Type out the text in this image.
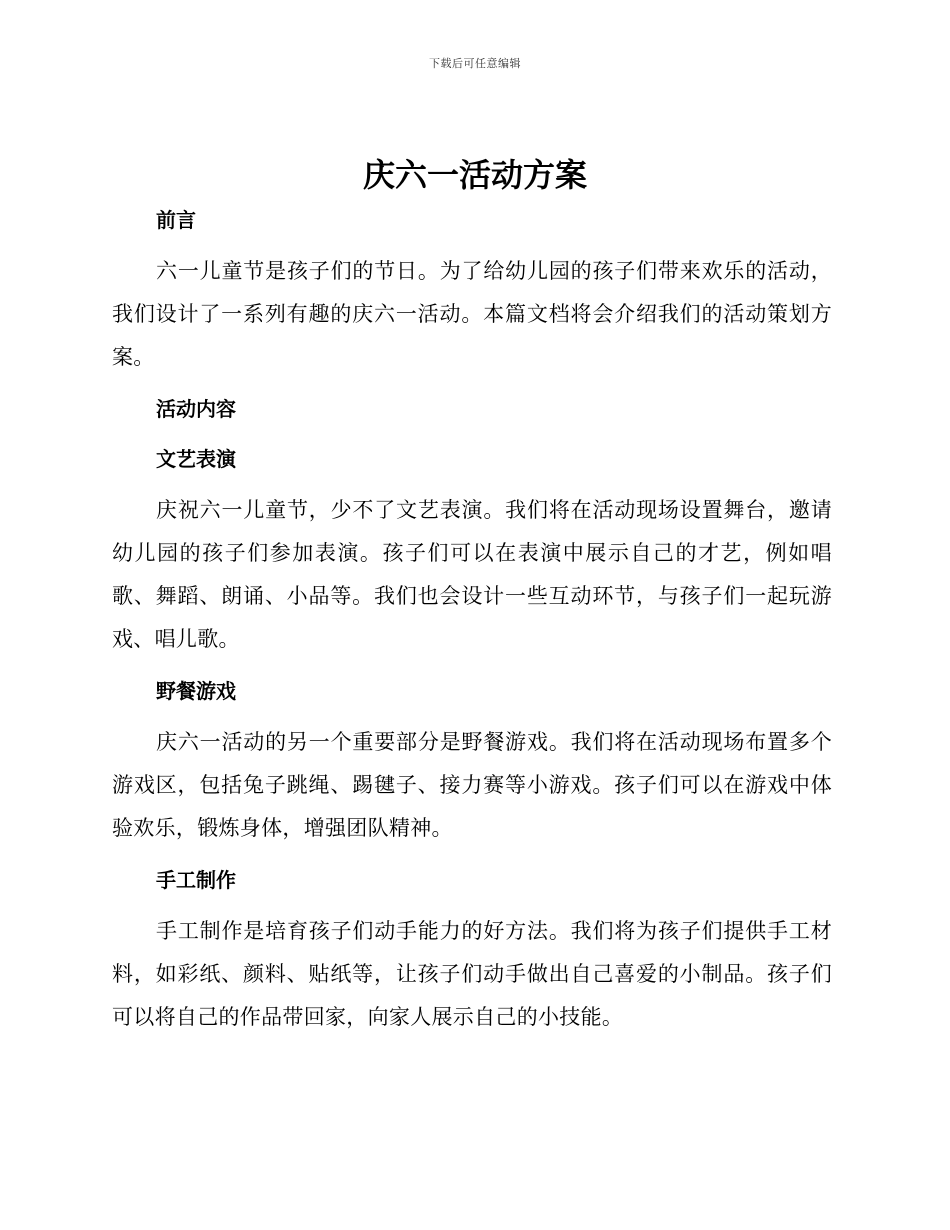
下载后可任意编辑
庆六一活动方案
前言

六一儿童节是孩子们的节日。为了给幼儿园的孩子们带来欢乐的活动，我们设计了一系列有趣的庆六一活动。本篇文档将会介绍我们的活动策划方案。

活动内容
文艺表演

庆祝六一儿童节，少不了文艺表演。我们将在活动现场设置舞台，邀请幼儿园的孩子们参加表演。孩子们可以在表演中展示自己的才艺，例如唱歌、舞蹈、朗诵、小品等。我们也会设计一些互动环节，与孩子们一起玩游戏、唱儿歌。

野餐游戏

庆六一活动的另一个重要部分是野餐游戏。我们将在活动现场布置多个游戏区，包括兔子跳绳、踢毽子、接力赛等小游戏。孩子们可以在游戏中体验欢乐，锻炼身体，增强团队精神。

手工制作

手工制作是培育孩子们动手能力的好方法。我们将为孩子们提供手工材料，如彩纸、颜料、贴纸等，让孩子们动手做出自己喜爱的小制品。孩子们可以将自己的作品带回家，向家人展示自己的小技能。
